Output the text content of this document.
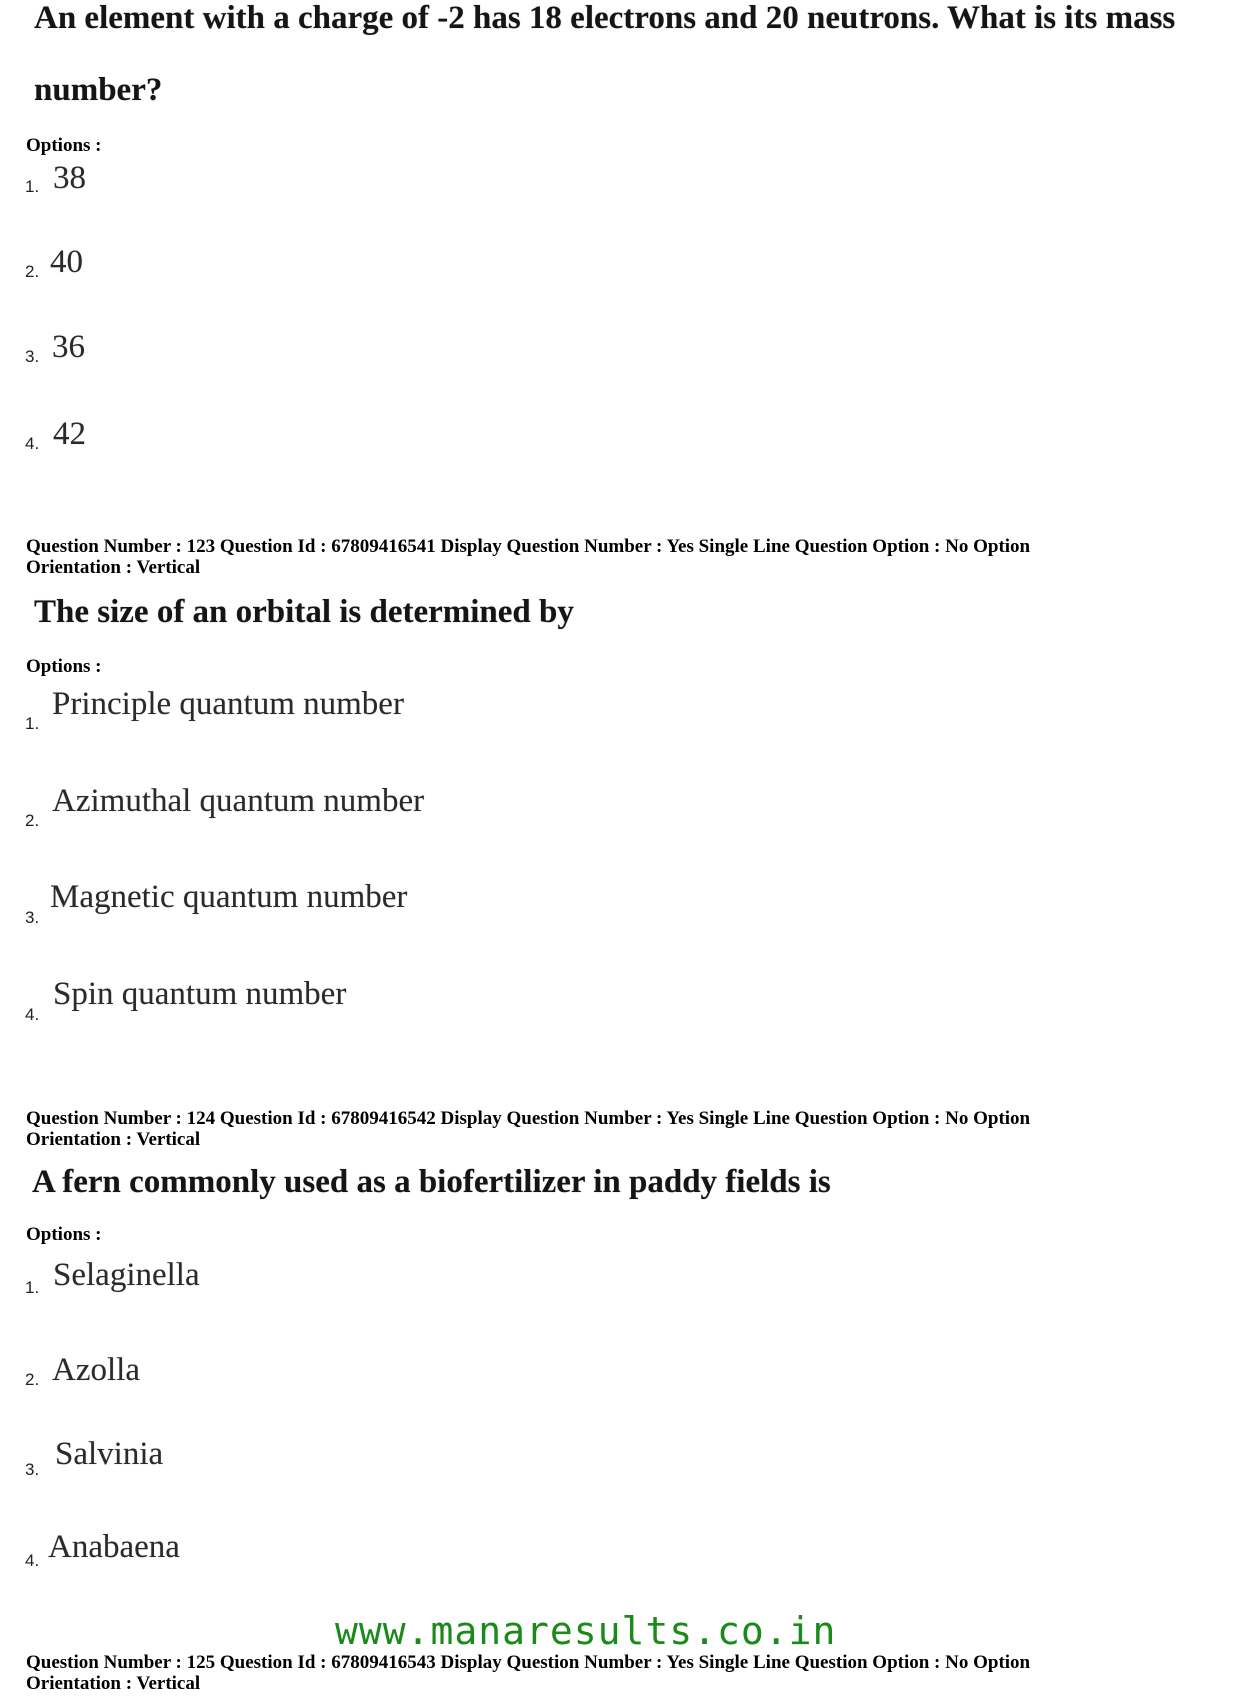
An element with a charge of -2 has 18 electrons and 20 neutrons. What is its mass
number?
Options :
1. 38
2. 40
3. 36
4. 42
Question Number : 123 Question Id : 67809416541 Display Question Number : Yes Single Line Question Option : No Option
Orientation : Vertical
The size of an orbital is determined by
Options :
1.
Principle quantum number
2.
Azimuthal quantum number
3.
Magnetic quantum number
4.
Spin quantum number
Question Number : 124 Question Id : 67809416542 Display Question Number : Yes Single Line Question Option : No Option
Orientation : Vertical
A fern commonly used as a biofertilizer in paddy fields is
Options :
1. Selaginella
2. Azolla
3. Salvinia
4. Anabaena
www.manaresults.co.in
Question Number : 125 Question Id : 67809416543 Display Question Number : Yes Single Line Question Option : No Option
Orientation : Vertical
